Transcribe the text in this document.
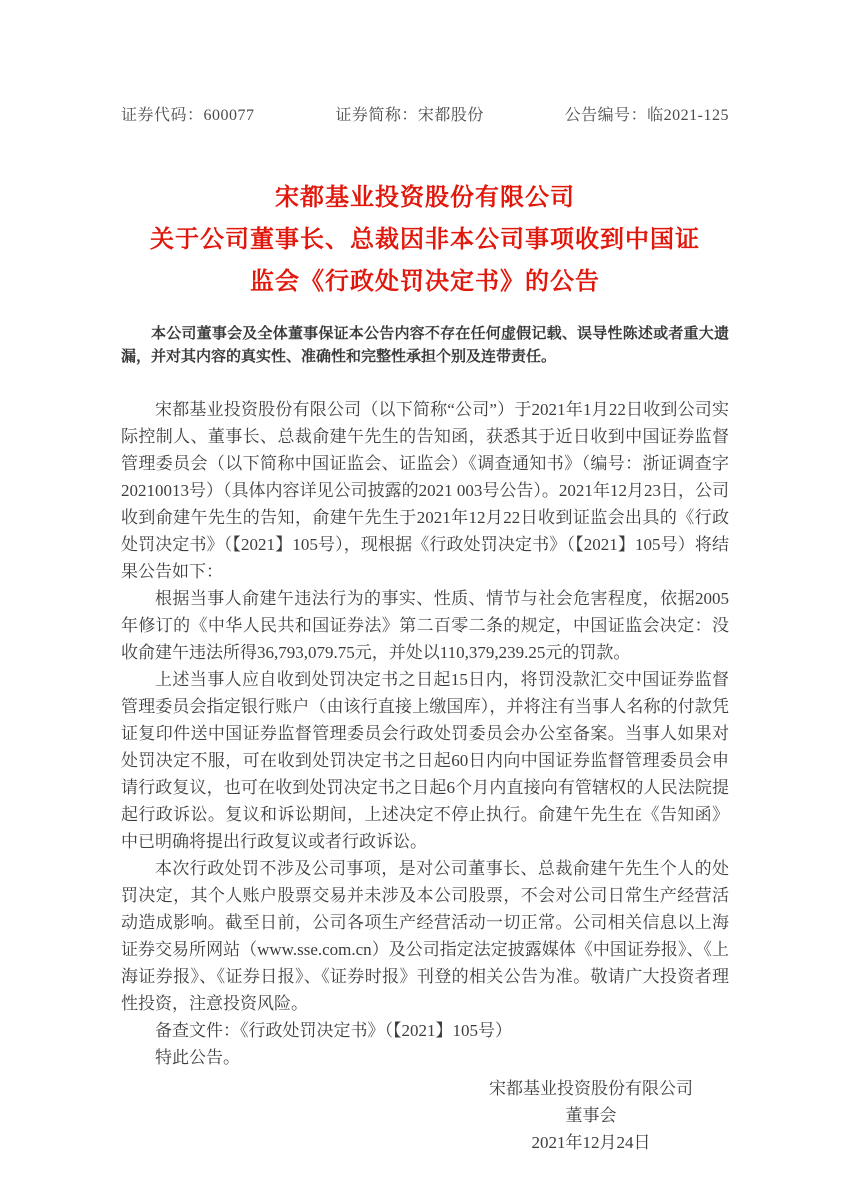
证券代码：600077	证券简称：宋都股份	公告编号：临2021-125
宋都基业投资股份有限公司
关于公司董事长、总裁因非本公司事项收到中国证
监会《行政处罚决定书》的公告
本公司董事会及全体董事保证本公告内容不存在任何虚假记载、误导性陈述或者重大遗漏，并对其内容的真实性、准确性和完整性承担个别及连带责任。

宋都基业投资股份有限公司（以下简称“公司”）于2021年1月22日收到公司实际控制人、董事长、总裁俞建午先生的告知函，获悉其于近日收到中国证券监督管理委员会（以下简称中国证监会、证监会）《调查通知书》（编号：浙证调查字20210013号）（具体内容详见公司披露的2021 003号公告）。2021年12月23日，公司收到俞建午先生的告知，俞建午先生于2021年12月22日收到证监会出具的《行政处罚决定书》（【2021】105号），现根据《行政处罚决定书》（【2021】105号）将结果公告如下：

根据当事人俞建午违法行为的事实、性质、情节与社会危害程度，依据2005年修订的《中华人民共和国证券法》第二百零二条的规定，中国证监会决定：没收俞建午违法所得36,793,079.75元，并处以110,379,239.25元的罚款。

上述当事人应自收到处罚决定书之日起15日内，将罚没款汇交中国证券监督管理委员会指定银行账户（由该行直接上缴国库），并将注有当事人名称的付款凭证复印件送中国证券监督管理委员会行政处罚委员会办公室备案。当事人如果对处罚决定不服，可在收到处罚决定书之日起60日内向中国证券监督管理委员会申请行政复议，也可在收到处罚决定书之日起6个月内直接向有管辖权的人民法院提起行政诉讼。复议和诉讼期间，上述决定不停止执行。俞建午先生在《告知函》中已明确将提出行政复议或者行政诉讼。

本次行政处罚不涉及公司事项，是对公司董事长、总裁俞建午先生个人的处罚决定，其个人账户股票交易并未涉及本公司股票，不会对公司日常生产经营活动造成影响。截至日前，公司各项生产经营活动一切正常。公司相关信息以上海证券交易所网站（www.sse.com.cn）及公司指定法定披露媒体《中国证券报》、《上海证券报》、《证券日报》、《证券时报》刊登的相关公告为准。敬请广大投资者理性投资，注意投资风险。

备查文件：《行政处罚决定书》（【2021】105号）

特此公告。

宋都基业投资股份有限公司
董事会
2021年12月24日
